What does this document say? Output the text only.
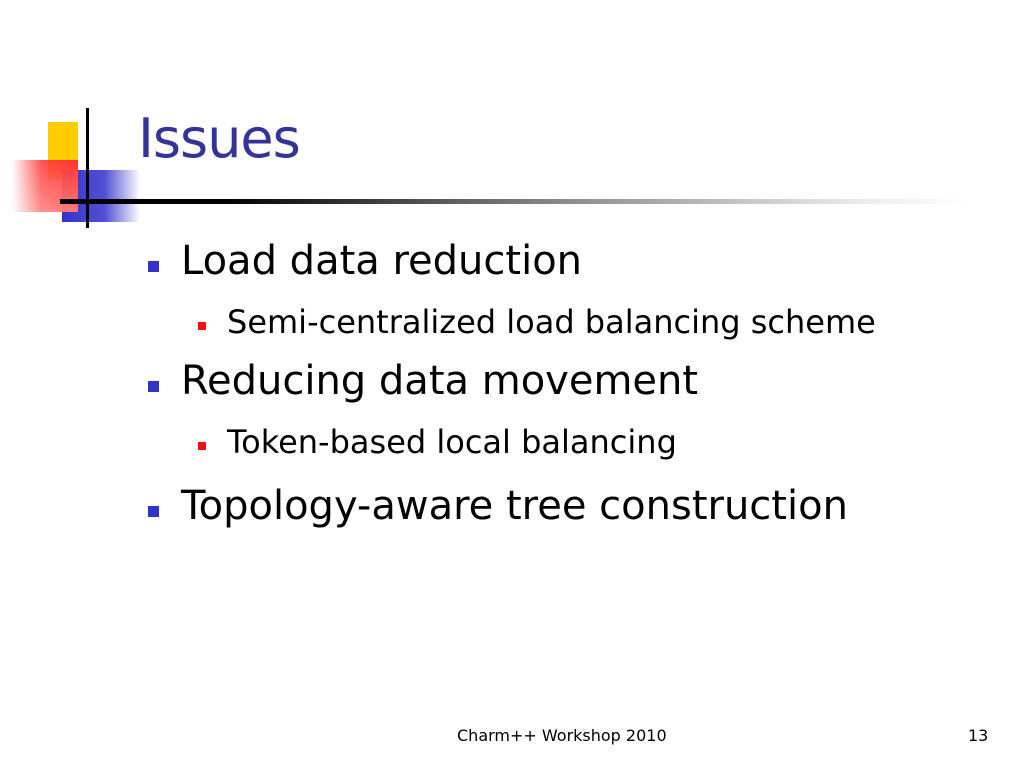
Issues
Load data reduction
Semi-centralized load balancing scheme
Reducing data movement
Token-based local balancing
Topology-aware tree construction
Charm++ Workshop 2010	13
